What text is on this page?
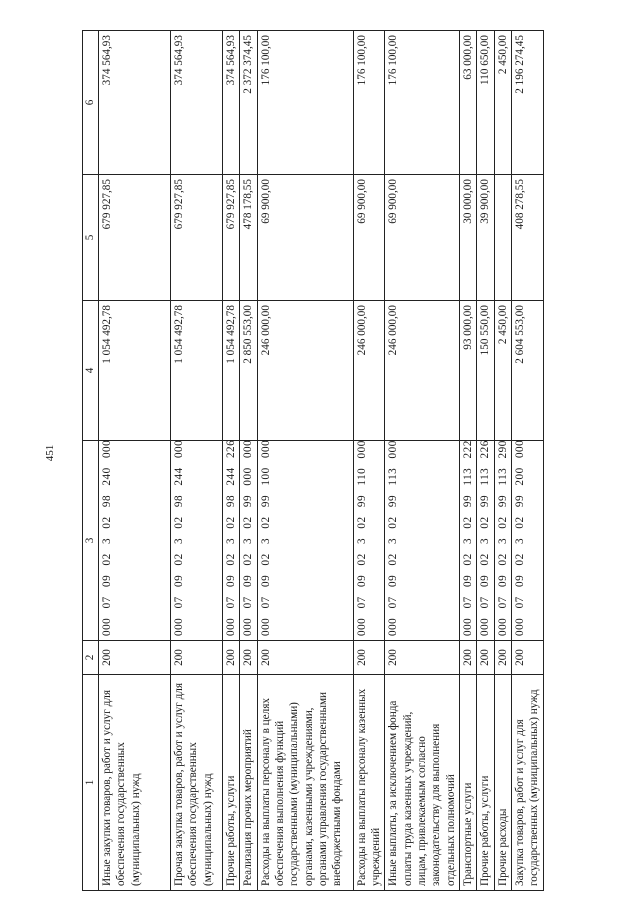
451
1	2	3	4	5	6
Иные закупки товаров, работ и услуг для обеспечения государственных (муниципальных) нужд	200	000 07 09 02 3 02 98 240 000	1 054 492,78	679 927,85	374 564,93
Прочая закупка товаров, работ и услуг для обеспечения государственных (муниципальных) нужд	200	000 07 09 02 3 02 98 244 000	1 054 492,78	679 927,85	374 564,93
Прочие работы, услуги	200	000 07 09 02 3 02 98 244 226	1 054 492,78	679 927,85	374 564,93
Реализация прочих мероприятий	200	000 07 09 02 3 02 99 000 000	2 850 553,00	478 178,55	2 372 374,45
Расходы на выплаты персоналу в целях обеспечения выполнения функций государственными (муниципальными) органами, казенными учреждениями, органами управления государственными внебюджетными фондами	200	000 07 09 02 3 02 99 100 000	246 000,00	69 900,00	176 100,00
Расходы на выплаты персоналу казенных учреждений	200	000 07 09 02 3 02 99 110 000	246 000,00	69 900,00	176 100,00
Иные выплаты, за исключением фонда оплаты труда казенных учреждений, лицам, привлекаемым согласно законодательству для выполнения отдельных полномочий	200	000 07 09 02 3 02 99 113 000	246 000,00	69 900,00	176 100,00
Транспортные услуги	200	000 07 09 02 3 02 99 113 222	93 000,00	30 000,00	63 000,00
Прочие работы, услуги	200	000 07 09 02 3 02 99 113 226	150 550,00	39 900,00	110 650,00
Прочие расходы	200	000 07 09 02 3 02 99 113 290	2 450,00		2 450,00
Закупка товаров, работ и услуг для государственных (муниципальных) нужд	200	000 07 09 02 3 02 99 200 000	2 604 553,00	408 278,55	2 196 274,45
